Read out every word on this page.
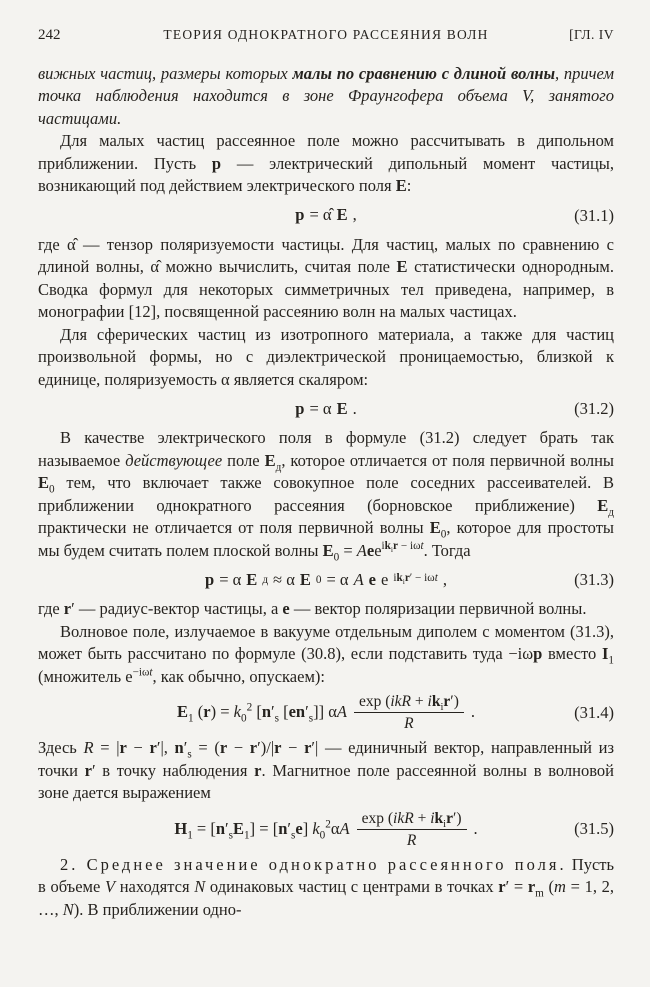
242	ТЕОРИЯ ОДНОКРАТНОГО РАССЕЯНИЯ ВОЛН	[ГЛ. IV

вижных частиц, размеры которых малы по сравнению с длиной волны, причем точка наблюдения находится в зоне Фраунгофера объема V, занятого частицами.

Для малых частиц рассеянное поле можно рассчитывать в дипольном приближении. Пусть p — электрический дипольный момент частицы, возникающий под действием электрического поля E:

p = α̂ E ,	(31.1)

где α̂ — тензор поляризуемости частицы. Для частиц, малых по сравнению с длиной волны, α̂ можно вычислить, считая поле E статистически однородным. Сводка формул для некоторых симметричных тел приведена, например, в монографии [12], посвященной рассеянию волн на малых частицах.

Для сферических частиц из изотропного материала, а также для частиц произвольной формы, но с диэлектрической проницаемостью, близкой к единице, поляризуемость α является скаляром:

p = α E .	(31.2)

В качестве электрического поля в формуле (31.2) следует брать так называемое действующее поле $E_д$, которое отличается от поля первичной волны $E_0$ тем, что включает также совокупное поле соседних рассеивателей. В приближении однократного рассеяния (борновское приближение) $E_д$ практически не отличается от поля первичной волны $E_0$, которое для простоты мы будем считать полем плоской волны $E_0 = Aee^{ik_ir - i\omega t}$. Тогда

p = α E д ≈ α E 0 = α A e e $ik_ir' - i\omega t$ ,	(31.3)

где r′ — радиус-вектор частицы, а e — вектор поляризации первичной волны.

Волновое поле, излучаемое в вакууме отдельным диполем с моментом (31.3), может быть рассчитано по формуле (30.8), если подставить туда −iωp вместо $I_1$ (множитель $e^{-i\omega t}$, как обычно, опускаем):

$E_1$ $(r) = k_0^2$ [$n'_s$ $[en'_s]$] αA $\frac{\exp (ikR + ik_ir')}{R}$ .	(31.4)

Здесь R = |r − r′|, $n'_s = (r - r')/|r - r'|$ — единичный вектор, направленный из точки r′ в точку наблюдения r. Магнитное поле рассеянной волны в волновой зоне дается выражением

$H_1 = [n'_sE_1] = [n'_se]$ $k_0^2\alpha A \frac{\exp (ikR + ik_ir')}{R}$ .	(31.5)

2. Среднее значение однократно рассеянного поля. Пусть в объеме V находятся N одинаковых частиц с центрами в точках $r' = r_m$ (m = 1, 2, …, N). В приближении одно-
